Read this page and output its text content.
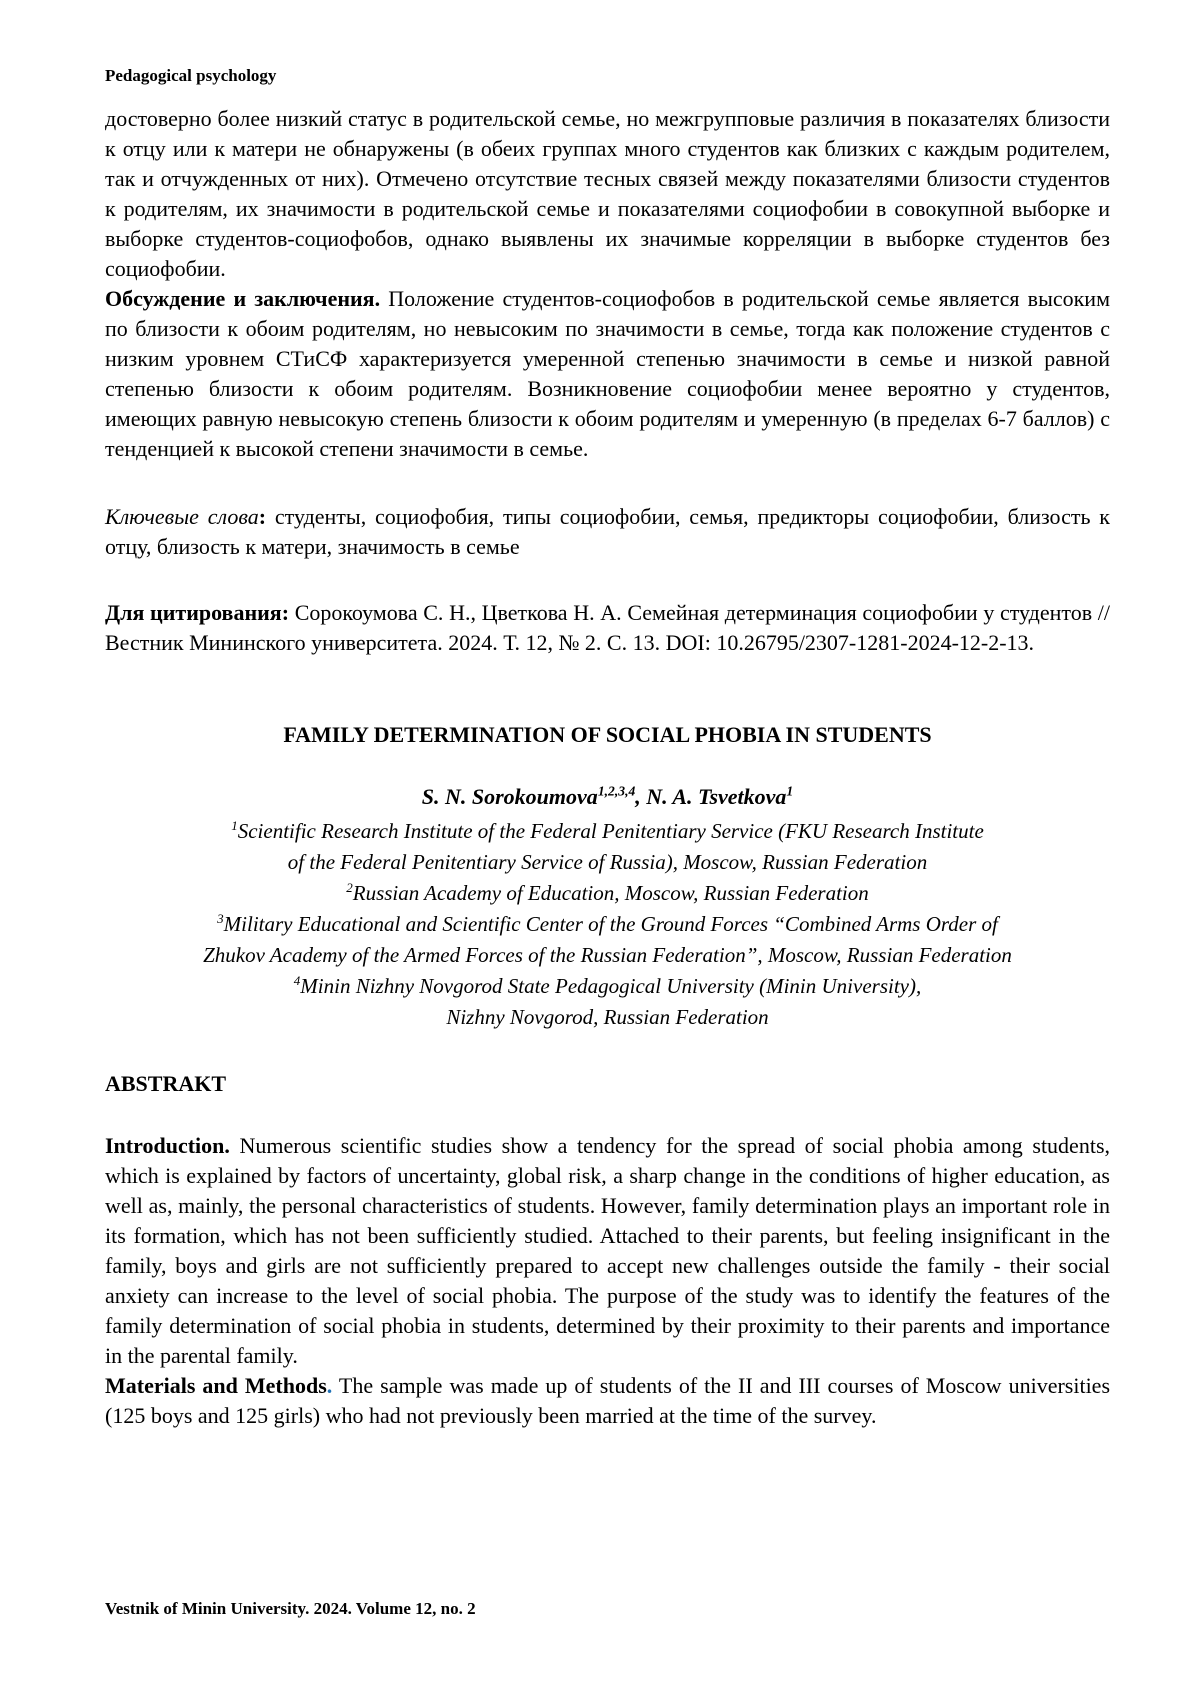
Pedagogical psychology

достоверно более низкий статус в родительской семье, но межгрупповые различия в показателях близости к отцу или к матери не обнаружены (в обеих группах много студентов как близких с каждым родителем, так и отчужденных от них). Отмечено отсутствие тесных связей между показателями близости студентов к родителям, их значимости в родительской семье и показателями социофобии в совокупной выборке и выборке студентов-социофобов, однако выявлены их значимые корреляции в выборке студентов без социофобии.

Обсуждение и заключения. Положение студентов-социофобов в родительской семье является высоким по близости к обоим родителям, но невысоким по значимости в семье, тогда как положение студентов с низким уровнем СТиСФ характеризуется умеренной степенью значимости в семье и низкой равной степенью близости к обоим родителям. Возникновение социофобии менее вероятно у студентов, имеющих равную невысокую степень близости к обоим родителям и умеренную (в пределах 6-7 баллов) с тенденцией к высокой степени значимости в семье.

Ключевые слова: студенты, социофобия, типы социофобии, семья, предикторы социофобии, близость к отцу, близость к матери, значимость в семье

Для цитирования: Сорокоумова С. Н., Цветкова Н. А. Семейная детерминация социофобии у студентов // Вестник Мининского университета. 2024. Т. 12, № 2. С. 13. DOI: 10.26795/2307-1281-2024-12-2-13.

FAMILY DETERMINATION OF SOCIAL PHOBIA IN STUDENTS

S. N. Sorokoumova$^{1,2,3,4}$, N. A. Tsvetkova$^1$

$^1$Scientific Research Institute of the Federal Penitentiary Service (FKU Research Institute
of the Federal Penitentiary Service of Russia), Moscow, Russian Federation
$^2$Russian Academy of Education, Moscow, Russian Federation
$^3$Military Educational and Scientific Center of the Ground Forces “Combined Arms Order of
Zhukov Academy of the Armed Forces of the Russian Federation”, Moscow, Russian Federation
$^4$Minin Nizhny Novgorod State Pedagogical University (Minin University),
Nizhny Novgorod, Russian Federation
ABSTRAKT

Introduction. Numerous scientific studies show a tendency for the spread of social phobia among students, which is explained by factors of uncertainty, global risk, a sharp change in the conditions of higher education, as well as, mainly, the personal characteristics of students. However, family determination plays an important role in its formation, which has not been sufficiently studied. Attached to their parents, but feeling insignificant in the family, boys and girls are not sufficiently prepared to accept new challenges outside the family - their social anxiety can increase to the level of social phobia. The purpose of the study was to identify the features of the family determination of social phobia in students, determined by their proximity to their parents and importance in the parental family.

Materials and Methods. The sample was made up of students of the II and III courses of Moscow universities (125 boys and 125 girls) who had not previously been married at the time of the survey.

Vestnik of Minin University. 2024. Volume 12, no. 2
